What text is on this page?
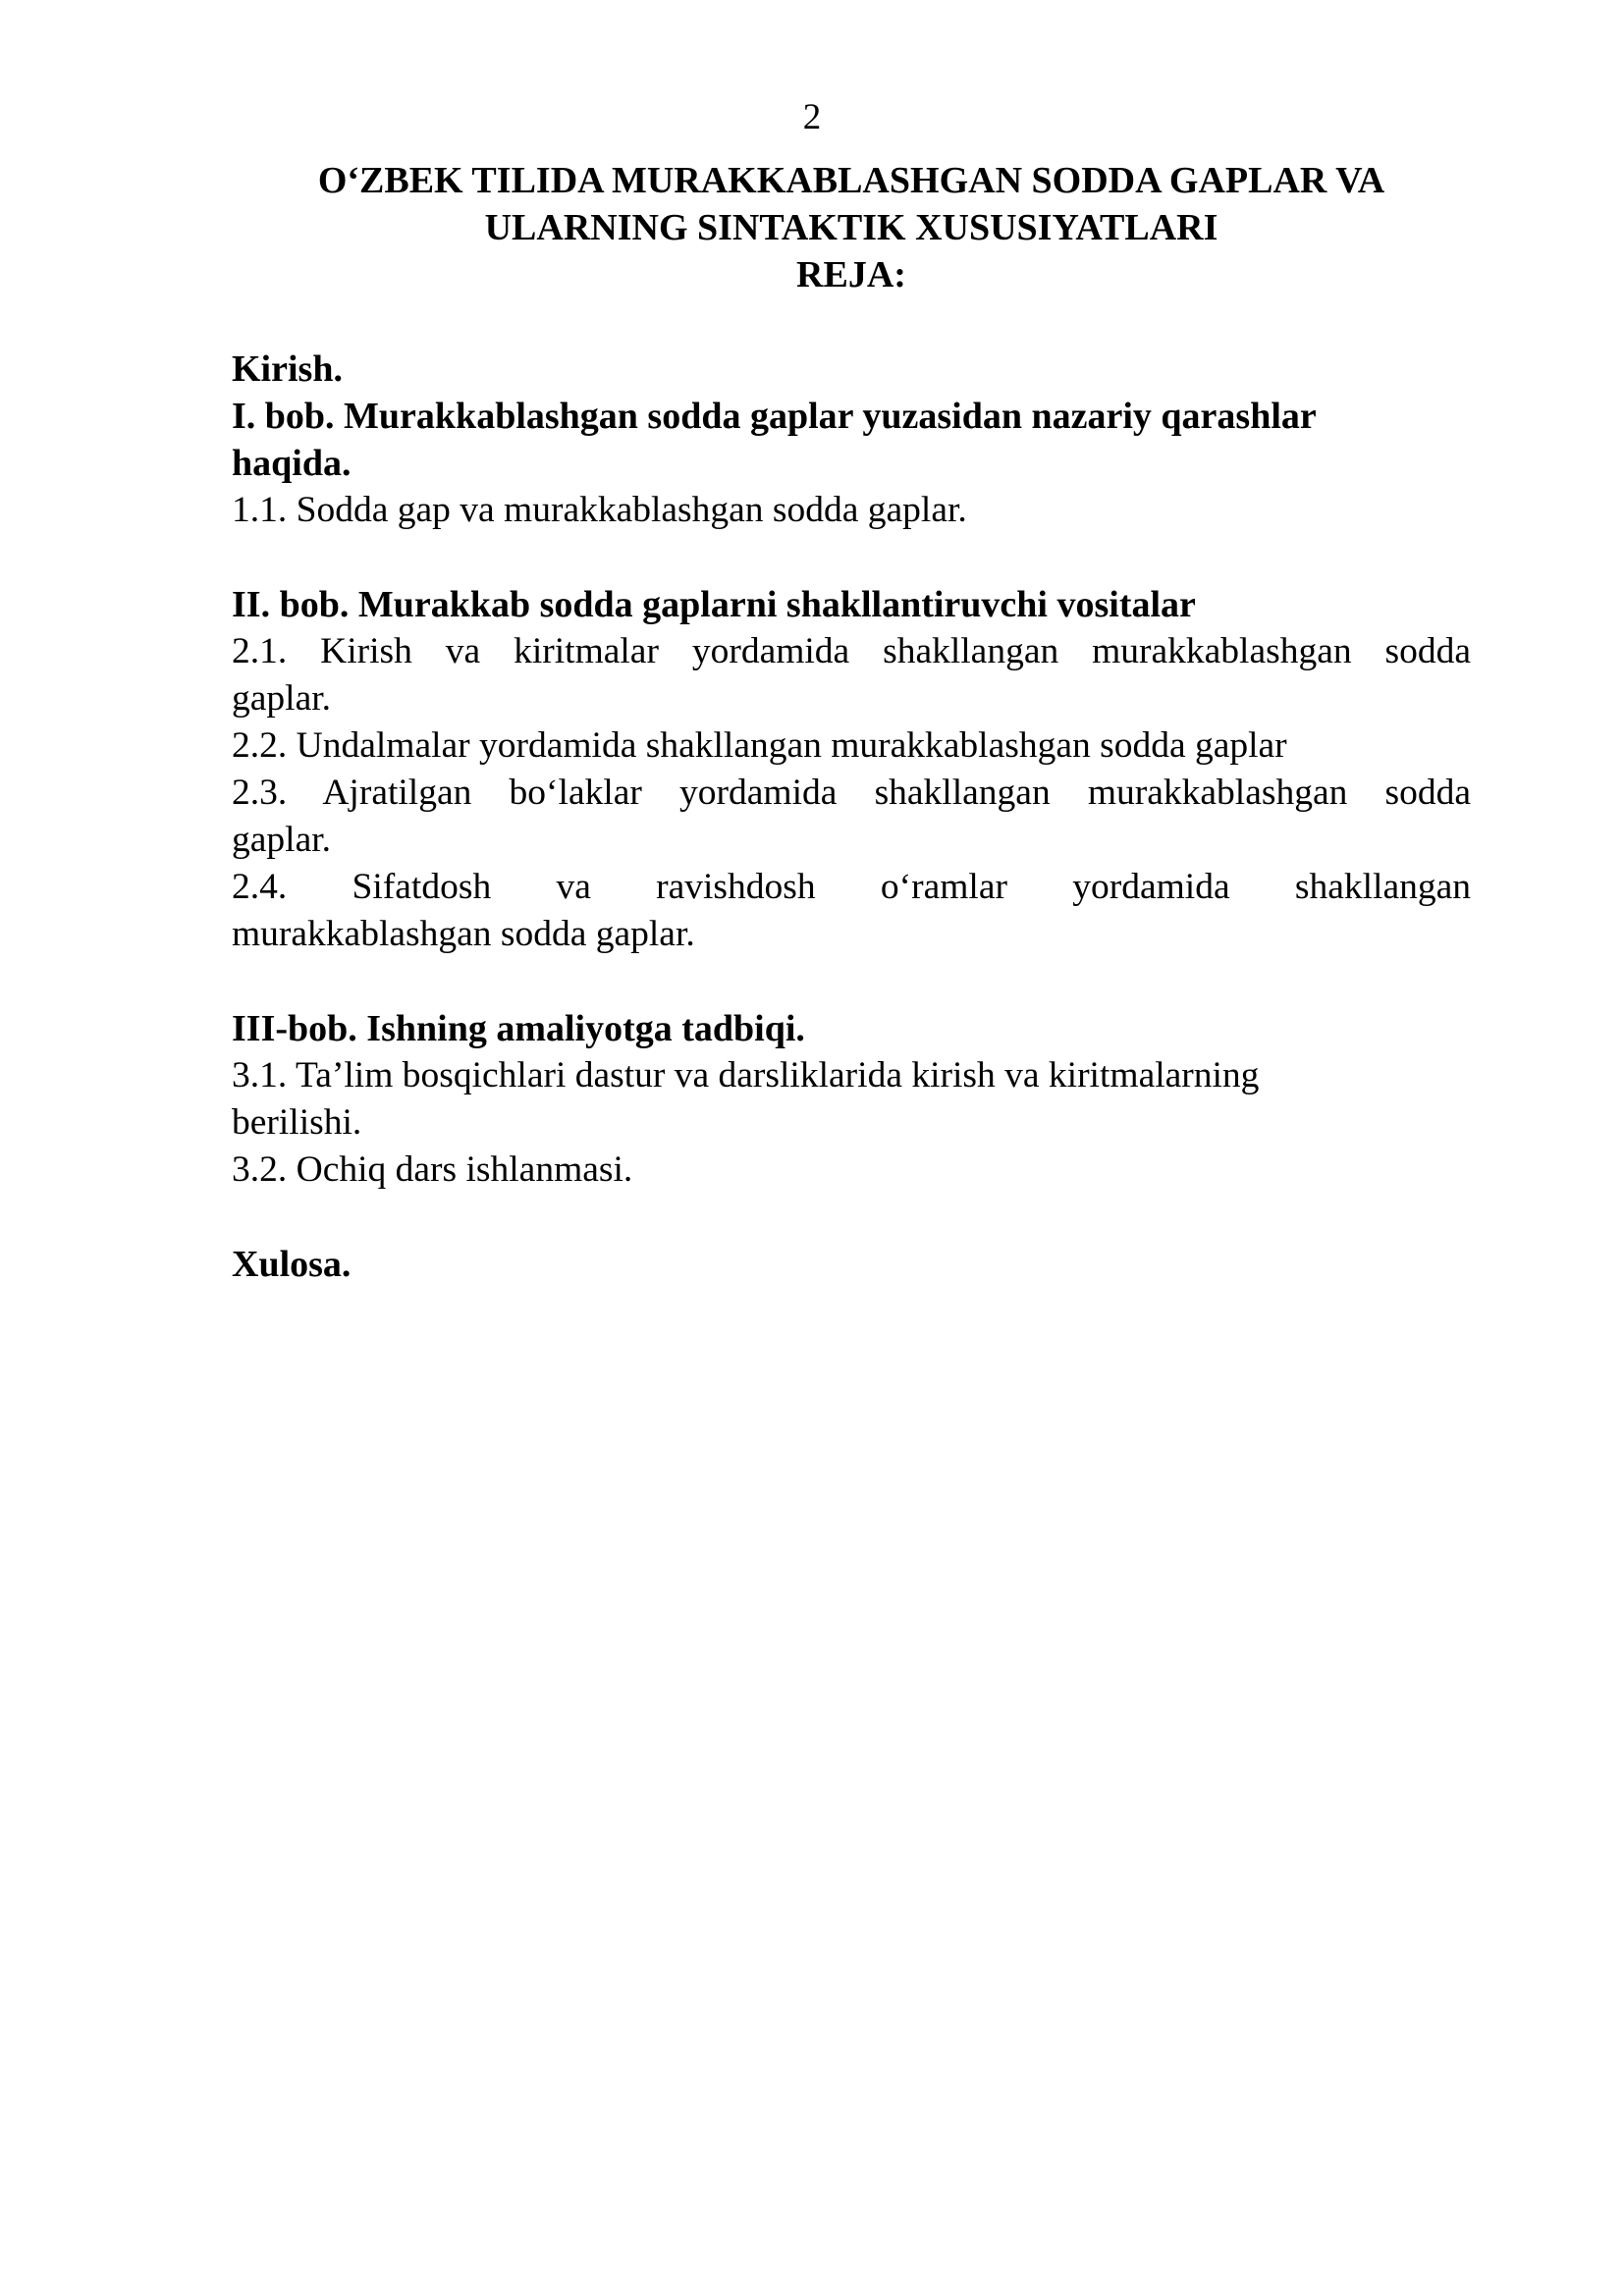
2
O‘ZBEK TILIDA MURAKKABLASHGAN SODDA GAPLAR VA
ULARNING SINTAKTIK XUSUSIYATLARI
REJA:
Kirish.
I. bob. Murakkablashgan sodda gaplar yuzasidan nazariy qarashlar
haqida.
1.1. Sodda gap va murakkablashgan sodda gaplar.
II. bob. Murakkab sodda gaplarni shakllantiruvchi vositalar
2.1. Kirish va kiritmalar yordamida shakllangan murakkablashgan sodda
gaplar.
2.2. Undalmalar yordamida shakllangan murakkablashgan sodda gaplar
2.3. Ajratilgan bo‘laklar yordamida shakllangan murakkablashgan sodda
gaplar.
2.4. Sifatdosh va ravishdosh o‘ramlar yordamida shakllangan
murakkablashgan sodda gaplar.
III-bob. Ishning amaliyotga tadbiqi.
3.1. Ta’lim bosqichlari dastur va darsliklarida kirish va kiritmalarning
berilishi.
3.2. Ochiq dars ishlanmasi.
Xulosa.
